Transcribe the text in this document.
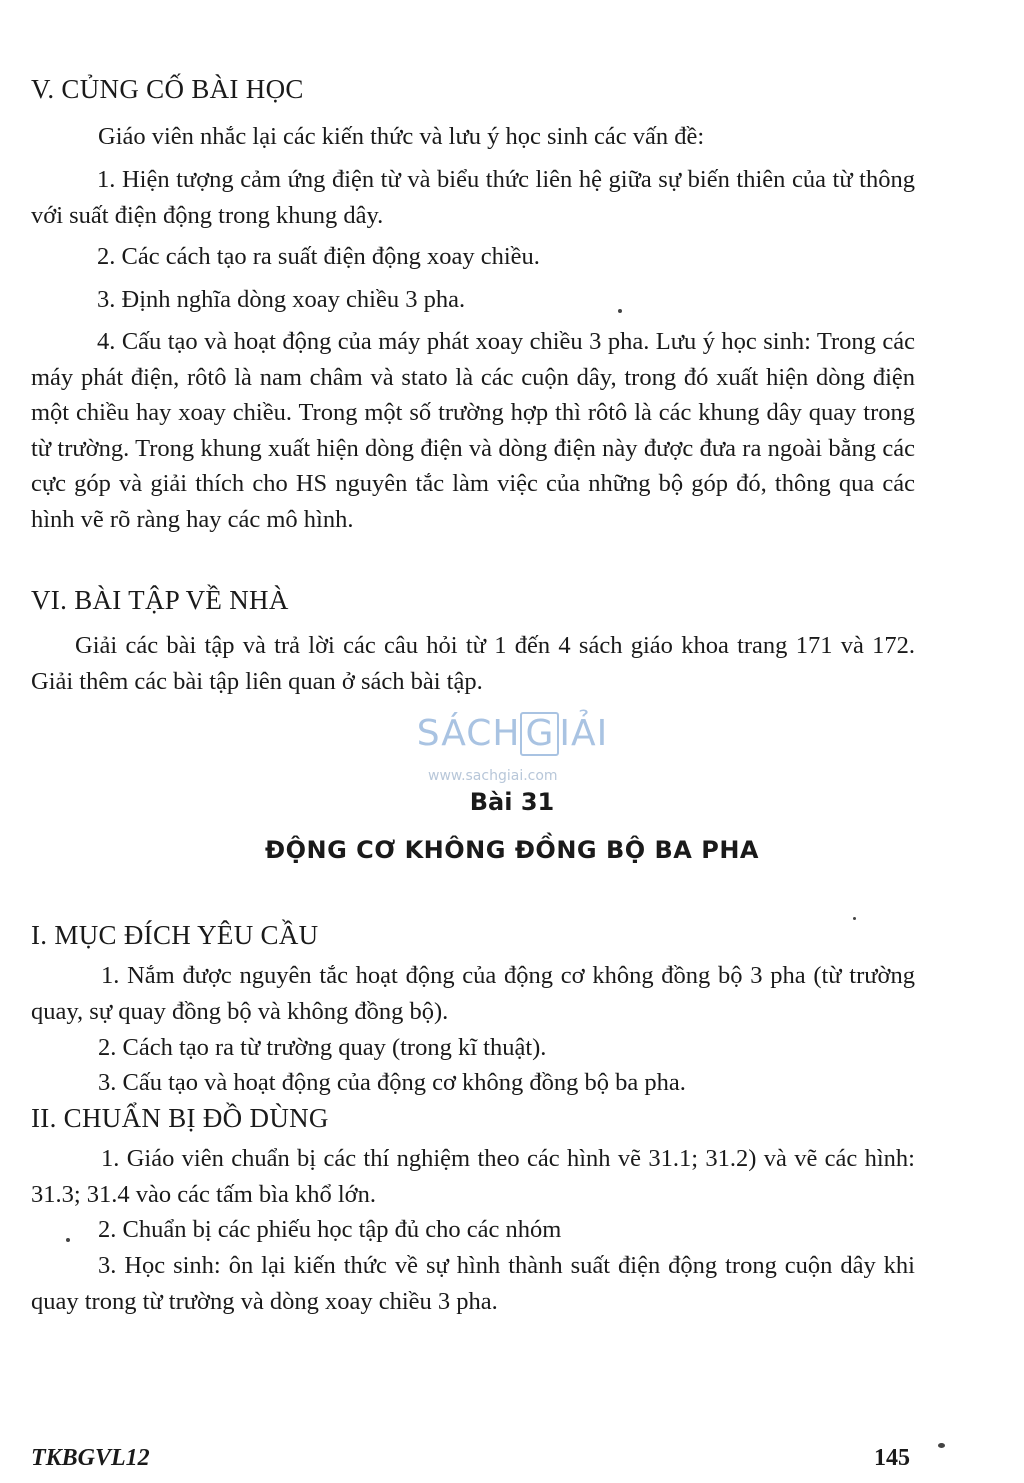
V. CỦNG CỐ BÀI HỌC
Giáo viên nhắc lại các kiến thức và lưu ý học sinh các vấn đề:
1. Hiện tượng cảm ứng điện từ và biểu thức liên hệ giữa sự biến thiên của từ thông với suất điện động trong khung dây.
2. Các cách tạo ra suất điện động xoay chiều.
3. Định nghĩa dòng xoay chiều 3 pha.
4. Cấu tạo và hoạt động của máy phát xoay chiều 3 pha. Lưu ý học sinh: Trong các máy phát điện, rôtô là nam châm và stato là các cuộn dây, trong đó xuất hiện dòng điện một chiều hay xoay chiều. Trong một số trường hợp thì rôtô là các khung dây quay trong từ trường. Trong khung xuất hiện dòng điện và dòng điện này được đưa ra ngoài bằng các cực góp và giải thích cho HS nguyên tắc làm việc của những bộ góp đó, thông qua các hình vẽ rõ ràng hay các mô hình.
VI. BÀI TẬP VỀ NHÀ
Giải các bài tập và trả lời các câu hỏi từ 1 đến 4 sách giáo khoa trang 171 và 172. Giải thêm các bài tập liên quan ở sách bài tập.
SÁCH G IẢI
www.sachgiai.com
Bài 31
ĐỘNG CƠ KHÔNG ĐỒNG BỘ BA PHA
I. MỤC ĐÍCH YÊU CẦU
1. Nắm được nguyên tắc hoạt động của động cơ không đồng bộ 3 pha (từ trường quay, sự quay đồng bộ và không đồng bộ).
2. Cách tạo ra từ trường quay (trong kĩ thuật).
3. Cấu tạo và hoạt động của động cơ không đồng bộ ba pha.
II. CHUẨN BỊ ĐỒ DÙNG
1. Giáo viên chuẩn bị các thí nghiệm theo các hình vẽ 31.1; 31.2) và vẽ các hình: 31.3; 31.4 vào các tấm bìa khổ lớn.
2. Chuẩn bị các phiếu học tập đủ cho các nhóm
3. Học sinh: ôn lại kiến thức về sự hình thành suất điện động trong cuộn dây khi quay trong từ trường và dòng xoay chiều 3 pha.
TKBGVL12	145
